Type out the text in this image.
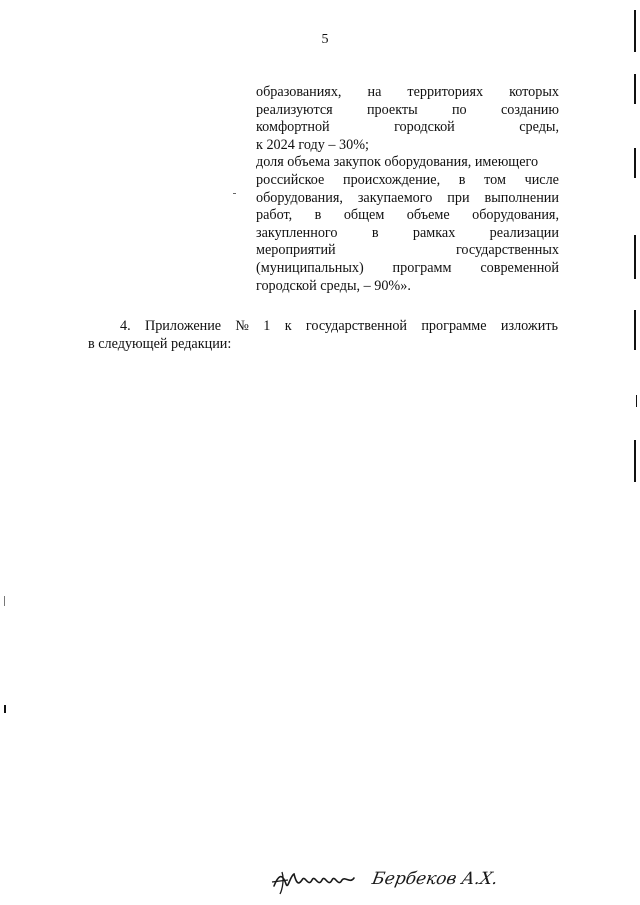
5
образованиях, на территориях которых
реализуются проекты по созданию
комфортной	городской	среды,
к 2024 году – 30%;
доля объема закупок оборудования, имеющего
российское происхождение, в том числе
оборудования, закупаемого при выполнении
работ, в общем объеме оборудования,
закупленного в рамках реализации
мероприятий	государственных
(муниципальных) программ современной
городской среды, – 90%».
4. Приложение № 1 к государственной программе изложить
в следующей редакции:
Бербеков А.Х.
